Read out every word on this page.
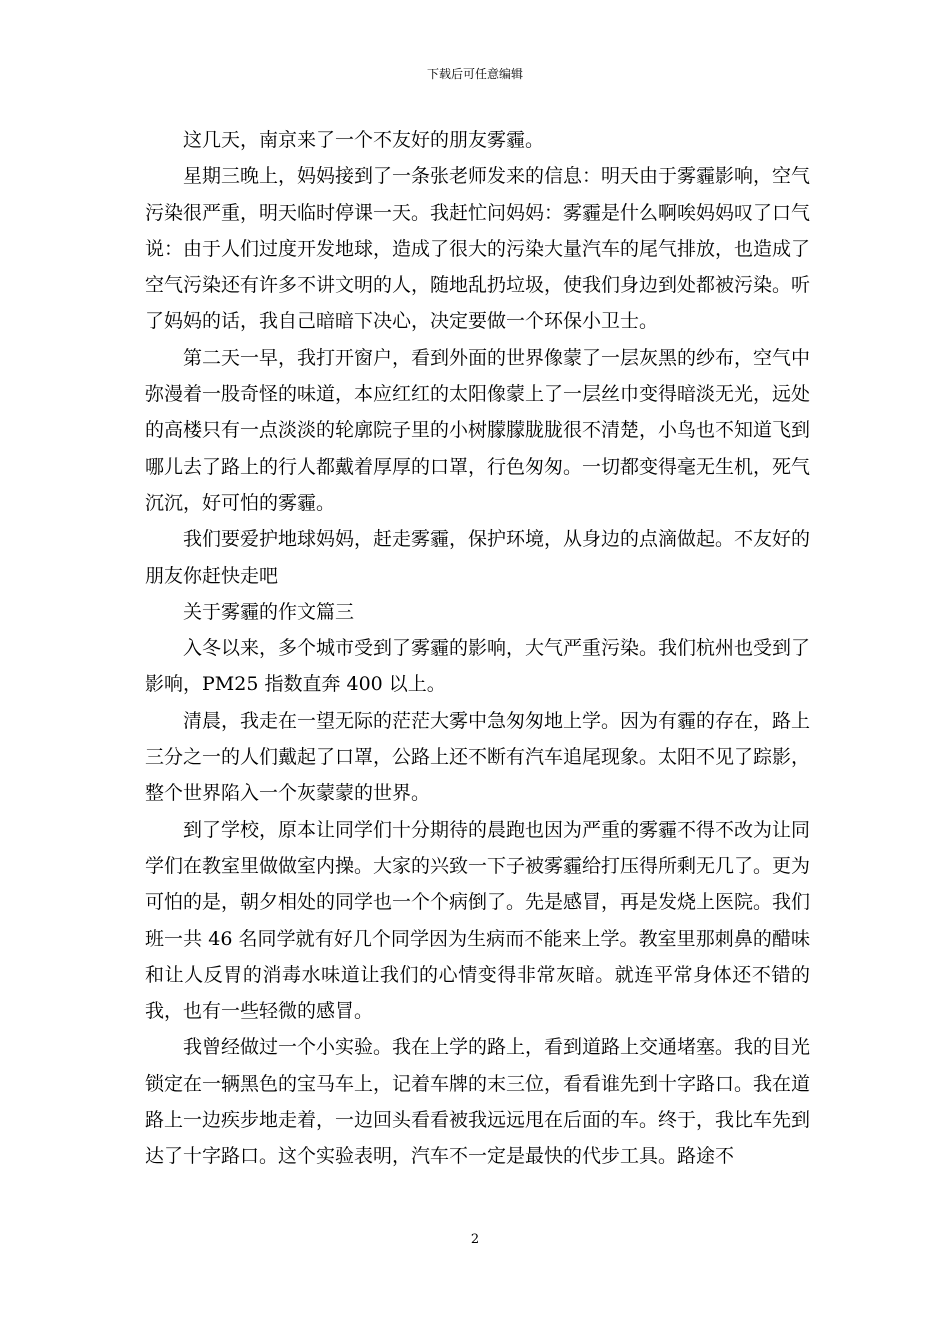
下载后可任意编辑

这几天，南京来了一个不友好的朋友雾霾。

星期三晚上，妈妈接到了一条张老师发来的信息：明天由于雾霾影响，空气污染很严重，明天临时停课一天。我赶忙问妈妈：雾霾是什么啊唉妈妈叹了口气说：由于人们过度开发地球，造成了很大的污染大量汽车的尾气排放，也造成了空气污染还有许多不讲文明的人，随地乱扔垃圾，使我们身边到处都被污染。听了妈妈的话，我自己暗暗下决心，决定要做一个环保小卫士。

第二天一早，我打开窗户，看到外面的世界像蒙了一层灰黑的纱布，空气中弥漫着一股奇怪的味道，本应红红的太阳像蒙上了一层丝巾变得暗淡无光，远处的高楼只有一点淡淡的轮廓院子里的小树朦朦胧胧很不清楚，小鸟也不知道飞到哪儿去了路上的行人都戴着厚厚的口罩，行色匆匆。一切都变得毫无生机，死气沉沉，好可怕的雾霾。

我们要爱护地球妈妈，赶走雾霾，保护环境，从身边的点滴做起。不友好的朋友你赶快走吧

关于雾霾的作文篇三

入冬以来，多个城市受到了雾霾的影响，大气严重污染。我们杭州也受到了影响，PM25 指数直奔 400 以上。

清晨，我走在一望无际的茫茫大雾中急匆匆地上学。因为有霾的存在，路上三分之一的人们戴起了口罩，公路上还不断有汽车追尾现象。太阳不见了踪影，整个世界陷入一个灰蒙蒙的世界。

到了学校，原本让同学们十分期待的晨跑也因为严重的雾霾不得不改为让同学们在教室里做做室内操。大家的兴致一下子被雾霾给打压得所剩无几了。更为可怕的是，朝夕相处的同学也一个个病倒了。先是感冒，再是发烧上医院。我们班一共 46 名同学就有好几个同学因为生病而不能来上学。教室里那刺鼻的醋味和让人反胃的消毒水味道让我们的心情变得非常灰暗。就连平常身体还不错的我，也有一些轻微的感冒。

我曾经做过一个小实验。我在上学的路上，看到道路上交通堵塞。我的目光锁定在一辆黑色的宝马车上，记着车牌的末三位，看看谁先到十字路口。我在道路上一边疾步地走着，一边回头看看被我远远甩在后面的车。终于，我比车先到达了十字路口。这个实验表明，汽车不一定是最快的代步工具。路途不

2
